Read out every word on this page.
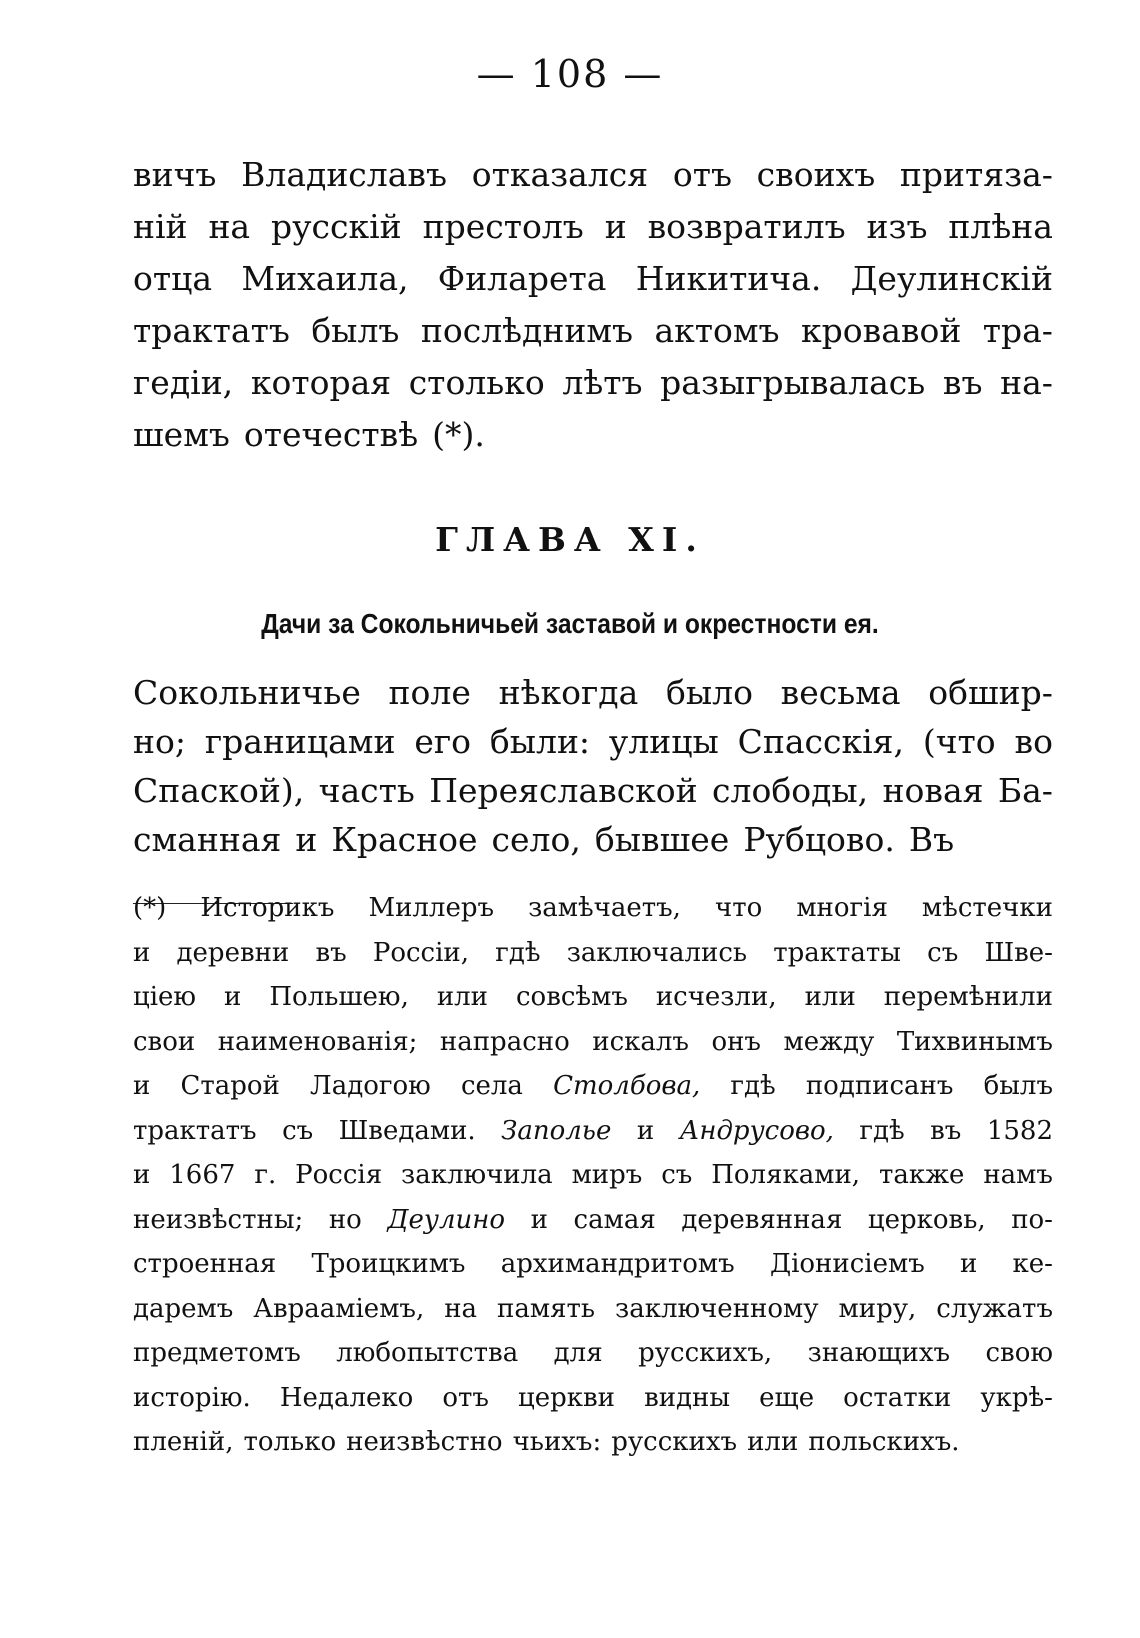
— 108 —
вичъ Владиславъ отказался отъ своихъ притяза-
ній на русскій престолъ и возвратилъ изъ плѣна
отца Михаила, Филарета Никитича. Деулинскій
трактатъ былъ послѣднимъ актомъ кровавой тра-
гедіи, которая столько лѣтъ разыгрывалась въ на-
шемъ отечествѣ (*).
ГЛАВА XI.
Дачи за Сокольничьей заставой и окрестности ея.
Сокольничье поле нѣкогда было весьма обшир-
но; границами его были: улицы Спасскія, (что во
Спаской), часть Переяславской слободы, новая Ба-
сманная и Красное село, бывшее Рубцово. Въ
(*) Историкъ Миллеръ замѣчаетъ, что многія мѣстечки
и деревни въ Россіи, гдѣ заключались трактаты съ Шве-
ціею и Польшею, или совсѣмъ исчезли, или перемѣнили
свои наименованія; напрасно искалъ онъ между Тихвинымъ
и Старой Ладогою села Столбова, гдѣ подписанъ былъ
трактатъ съ Шведами. Заполье и Андрусово, гдѣ въ 1582
и 1667 г. Россія заключила миръ съ Поляками, также намъ
неизвѣстны; но Деулино и самая деревянная церковь, по-
строенная Троицкимъ архимандритомъ Діонисіемъ и ке-
даремъ Авраамiемъ, на память заключенному миру, служатъ
предметомъ любопытства для русскихъ, знающихъ свою
исторію. Недалеко отъ церкви видны еще остатки укрѣ-
пленій, только неизвѣстно чьихъ: русскихъ или польскихъ.
